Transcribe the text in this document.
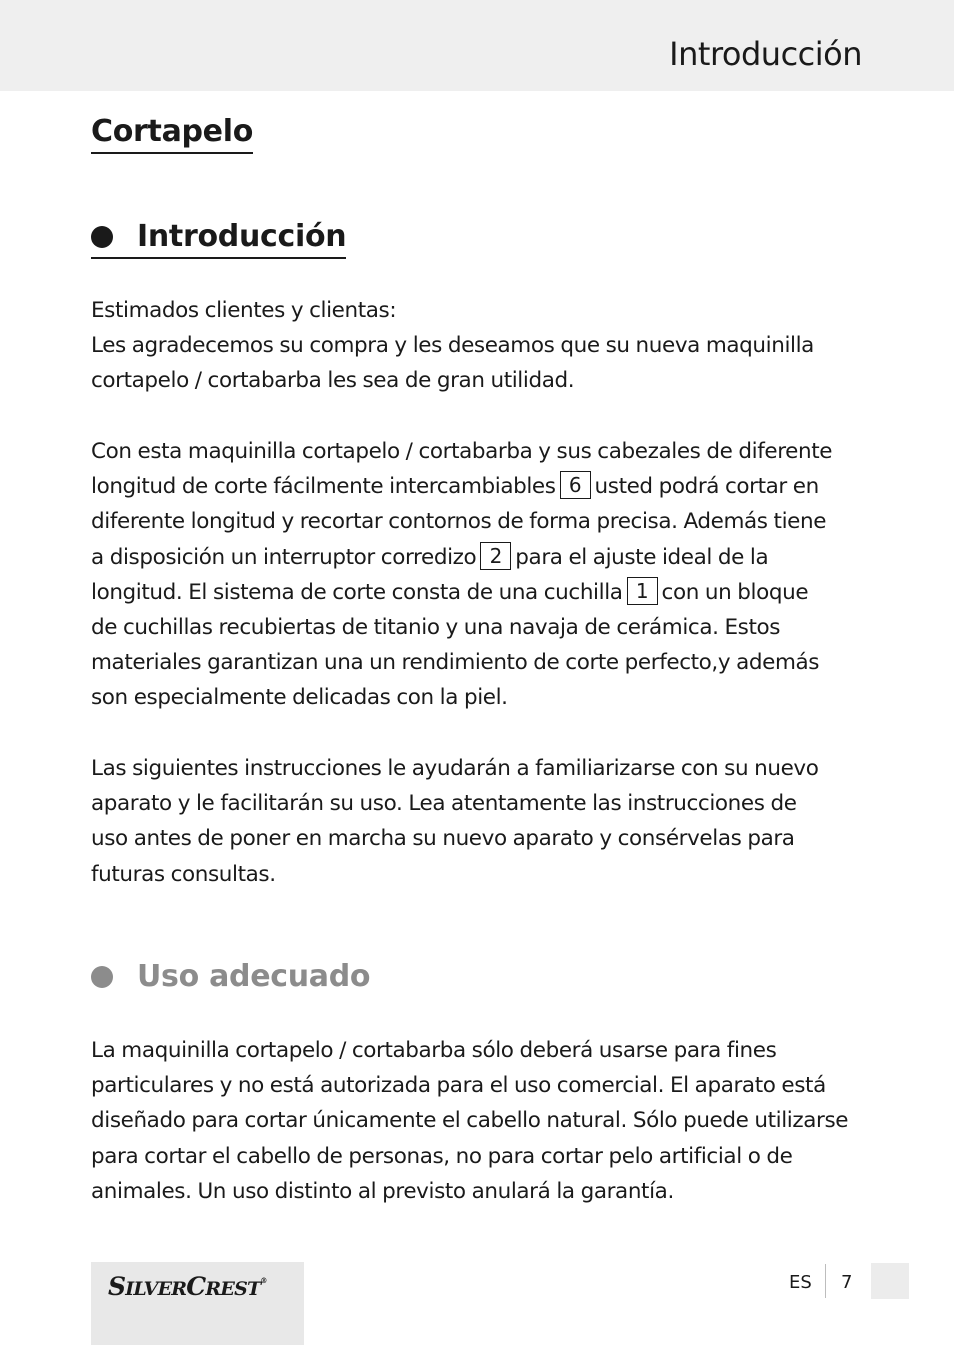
Introducción
Cortapelo
Introducción
Estimados clientes y clientas:
Les agradecemos su compra y les deseamos que su nueva maquinilla
cortapelo / cortabarba les sea de gran utilidad.
Con esta maquinilla cortapelo / cortabarba y sus cabezales de diferente
longitud de corte fácilmente intercambiables 6 usted podrá cortar en
diferente longitud y recortar contornos de forma precisa. Además tiene
a disposición un interruptor corredizo 2 para el ajuste ideal de la
longitud. El sistema de corte consta de una cuchilla 1 con un bloque
de cuchillas recubiertas de titanio y una navaja de cerámica. Estos
materiales garantizan una un rendimiento de corte perfecto,y además
son especialmente delicadas con la piel.
Las siguientes instrucciones le ayudarán a familiarizarse con su nuevo
aparato y le facilitarán su uso. Lea atentamente las instrucciones de
uso antes de poner en marcha su nuevo aparato y consérvelas para
futuras consultas.
Uso adecuado
La maquinilla cortapelo / cortabarba sólo deberá usarse para fines
particulares y no está autorizada para el uso comercial. El aparato está
diseñado para cortar únicamente el cabello natural. Sólo puede utilizarse
para cortar el cabello de personas, no para cortar pelo artificial o de
animales. Un uso distinto al previsto anulará la garantía.
SILVERCREST®	ES 7
